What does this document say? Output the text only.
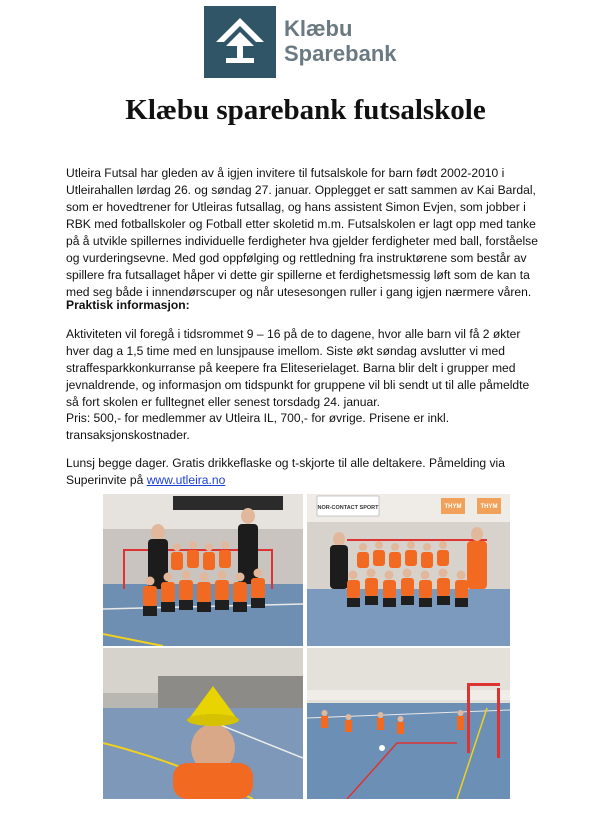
Klæbu
Sparebank
Klæbu sparebank futsalskole
Utleira Futsal har gleden av å igjen invitere til futsalskole for barn født 2002-2010 i Utleirahallen lørdag 26. og søndag 27. januar. Opplegget er satt sammen av Kai Bardal, som er hovedtrener for Utleiras futsallag, og hans assistent Simon Evjen, som jobber i RBK med fotballskoler og Fotball etter skoletid m.m. Futsalskolen er lagt opp med tanke på å utvikle spillernes individuelle ferdigheter hva gjelder ferdigheter med ball, forståelse og vurderingsevne. Med god oppfølging og rettledning fra instruktørene som består av spillere fra futsallaget håper vi dette gir spillerne et ferdighetsmessig løft som de kan ta med seg både i innendørscuper og når utesesongen ruller i gang igjen nærmere våren.
Praktisk informasjon:
Aktiviteten vil foregå i tidsrommet 9 – 16 på de to dagene, hvor alle barn vil få 2 økter hver dag a 1,5 time med en lunsjpause imellom. Siste økt søndag avslutter vi med straffesparkkonkurranse på keepere fra Eliteserielaget. Barna blir delt i grupper med jevnaldrende, og informasjon om tidspunkt for gruppene vil bli sendt ut til alle påmeldte så fort skolen er fulltegnet eller senest torsdadg 24. januar.
Pris: 500,- for medlemmer av Utleira IL, 700,- for øvrige. Prisene er inkl. transaksjonskostnader.
Lunsj begge dager. Gratis drikkeflaske og t-skjorte til alle deltakere. Påmelding via Superinvite på www.utleira.no
NOR-CONTACT SPORT	THYM	THYM
